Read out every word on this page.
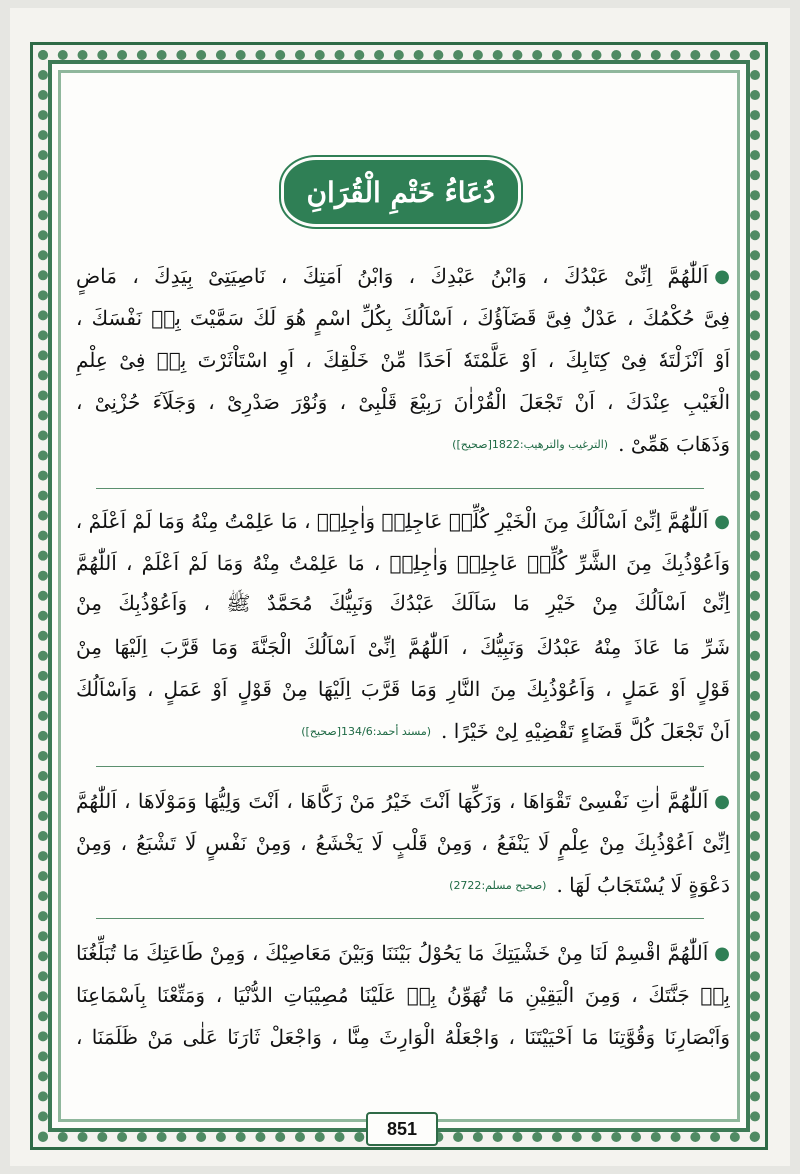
دُعَاءُ خَتْمِ الْقُرَانِ
●
اَللّٰھُمَّ اِنِّیْ عَبْدُكَ ، وَابْنُ عَبْدِكَ ، وَابْنُ اَمَتِكَ ، نَاصِیَتِیْ بِیَدِكَ ، مَاضٍ
فِیَّ حُكْمُكَ ، عَدْلٌ فِیَّ قَضَآؤُكَ ، اَسْاَلُكَ بِكُلِّ اسْمٍ هُوَ لَكَ سَمَّيْتَ بِهٖ نَفْسَكَ ،
اَوْ اَنْزَلْتَهٗ فِیْ كِتَابِكَ ، اَوْ عَلَّمْتَهٗ اَحَدًا مِّنْ خَلْقِكَ ، اَوِ اسْتَاْثَرْتَ بِهٖ فِیْ عِلْمِ
الْغَیْبِ عِنْدَكَ ، اَنْ تَجْعَلَ الْقُرْاٰنَ رَبِیْعَ قَلْبِیْ ، وَنُوْرَ صَدْرِیْ ، وَجَلَآءَ حُزْنِیْ ،
وَذَهَابَ هَمِّیْ .
(الترغیب والترھیب:1822[صحیح])
●
اَللّٰھُمَّ اِنِّیْ اَسْاَلُكَ مِنَ الْخَیْرِ كُلِّهٖ عَاجِلِهٖ وَاٰجِلِهٖ ، مَا عَلِمْتُ مِنْهُ وَمَا لَمْ اَعْلَمْ ،
وَاَعُوْذُبِكَ مِنَ الشَّرِّ كُلِّهٖ عَاجِلِهٖ وَاٰجِلِهٖ ، مَا عَلِمْتُ مِنْهُ وَمَا لَمْ اَعْلَمْ ، اَللّٰھُمَّ
اِنِّیْ اَسْاَلُكَ مِنْ خَیْرِ مَا سَاَلَكَ عَبْدُكَ وَنَبِیُّكَ مُحَمَّدٌ ﷺ ، وَاَعُوْذُبِكَ مِنْ
شَرِّ مَا عَاذَ مِنْهُ عَبْدُكَ وَنَبِیُّكَ ، اَللّٰھُمَّ اِنِّیْ اَسْاَلُكَ الْجَنَّةَ وَمَا قَرَّبَ اِلَیْهَا مِنْ
قَوْلٍ اَوْ عَمَلٍ ، وَاَعُوْذُبِكَ مِنَ النَّارِ وَمَا قَرَّبَ اِلَیْهَا مِنْ قَوْلٍ اَوْ عَمَلٍ ، وَاَسْاَلُكَ
اَنْ تَجْعَلَ كُلَّ قَضَاءٍ تَقْضِیْهِ لِیْ خَیْرًا .
(مسند أحمد:134/6[صحیح])
●
اَللّٰھُمَّ اٰتِ نَفْسِیْ تَقْوَاهَا ، وَزَكِّهَا اَنْتَ خَیْرُ مَنْ زَكَّاهَا ، اَنْتَ وَلِیُّهَا وَمَوْلَاهَا ، اَللّٰھُمَّ
اِنِّیْ اَعُوْذُبِكَ مِنْ عِلْمٍ لَا یَنْفَعُ ، وَمِنْ قَلْبٍ لَا یَخْشَعُ ، وَمِنْ نَفْسٍ لَا تَشْبَعُ ، وَمِنْ
دَعْوَةٍ لَا یُسْتَجَابُ لَهَا .
(صحیح مسلم:2722)
●
اَللّٰھُمَّ اقْسِمْ لَنَا مِنْ خَشْیَتِكَ مَا یَحُوْلُ بَیْنَنَا وَبَیْنَ مَعَاصِیْكَ ، وَمِنْ طَاعَتِكَ مَا تُبَلِّغُنَا
بِهٖ جَنَّتَكَ ، وَمِنَ الْیَقِیْنِ مَا تُهَوِّنُ بِهٖ عَلَیْنَا مُصِیْبَاتِ الدُّنْیَا ، وَمَتِّعْنَا بِاَسْمَاعِنَا
وَاَبْصَارِنَا وَقُوَّتِنَا مَا اَحْیَیْتَنَا ، وَاجْعَلْهُ الْوَارِثَ مِنَّا ، وَاجْعَلْ ثَارَنَا عَلٰی مَنْ ظَلَمَنَا ،
851
